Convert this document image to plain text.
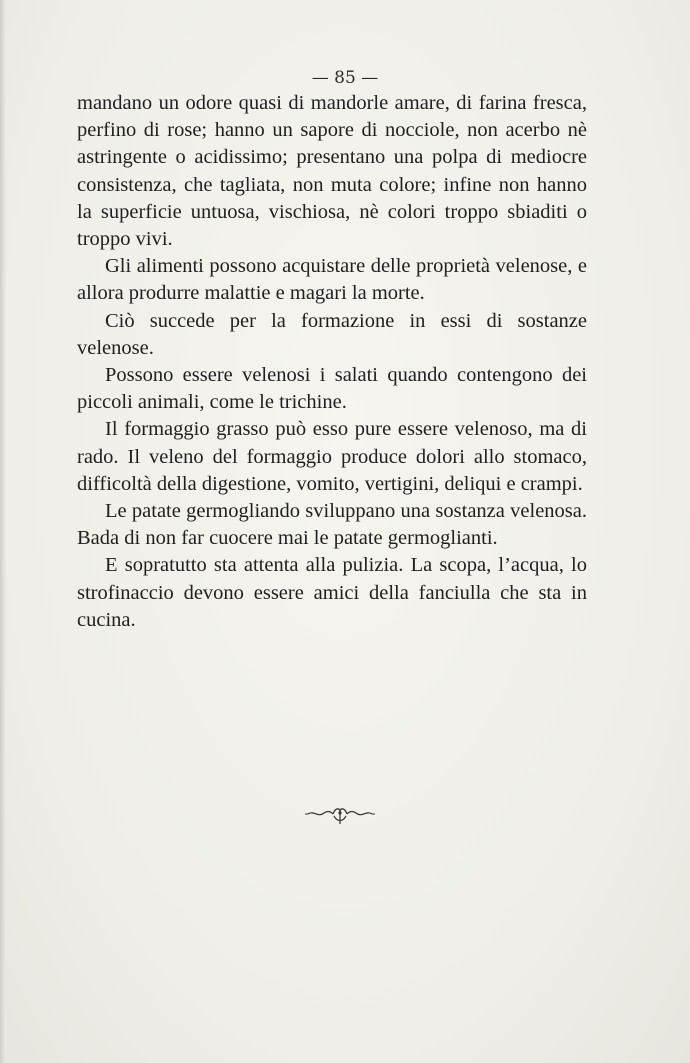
— 85 —

mandano un odore quasi di mandorle amare, di farina fresca, perfino di rose; hanno un sapore di nocciole, non acerbo nè astringente o acidissimo; presentano una polpa di mediocre consistenza, che tagliata, non muta colore; infine non hanno la superficie untuosa, vischiosa, nè colori troppo sbiaditi o troppo vivi.

Gli alimenti possono acquistare delle proprietà velenose, e allora produrre malattie e magari la morte.

Ciò succede per la formazione in essi di sostanze velenose.

Possono essere velenosi i salati quando contengono dei piccoli animali, come le trichine.

Il formaggio grasso può esso pure essere velenoso, ma di rado. Il veleno del formaggio produce dolori allo stomaco, difficoltà della digestione, vomito, vertigini, deliqui e crampi.

Le patate germogliando sviluppano una sostanza velenosa. Bada di non far cuocere mai le patate germoglianti.

E sopratutto sta attenta alla pulizia. La scopa, l’acqua, lo strofinaccio devono essere amici della fanciulla che sta in cucina.
